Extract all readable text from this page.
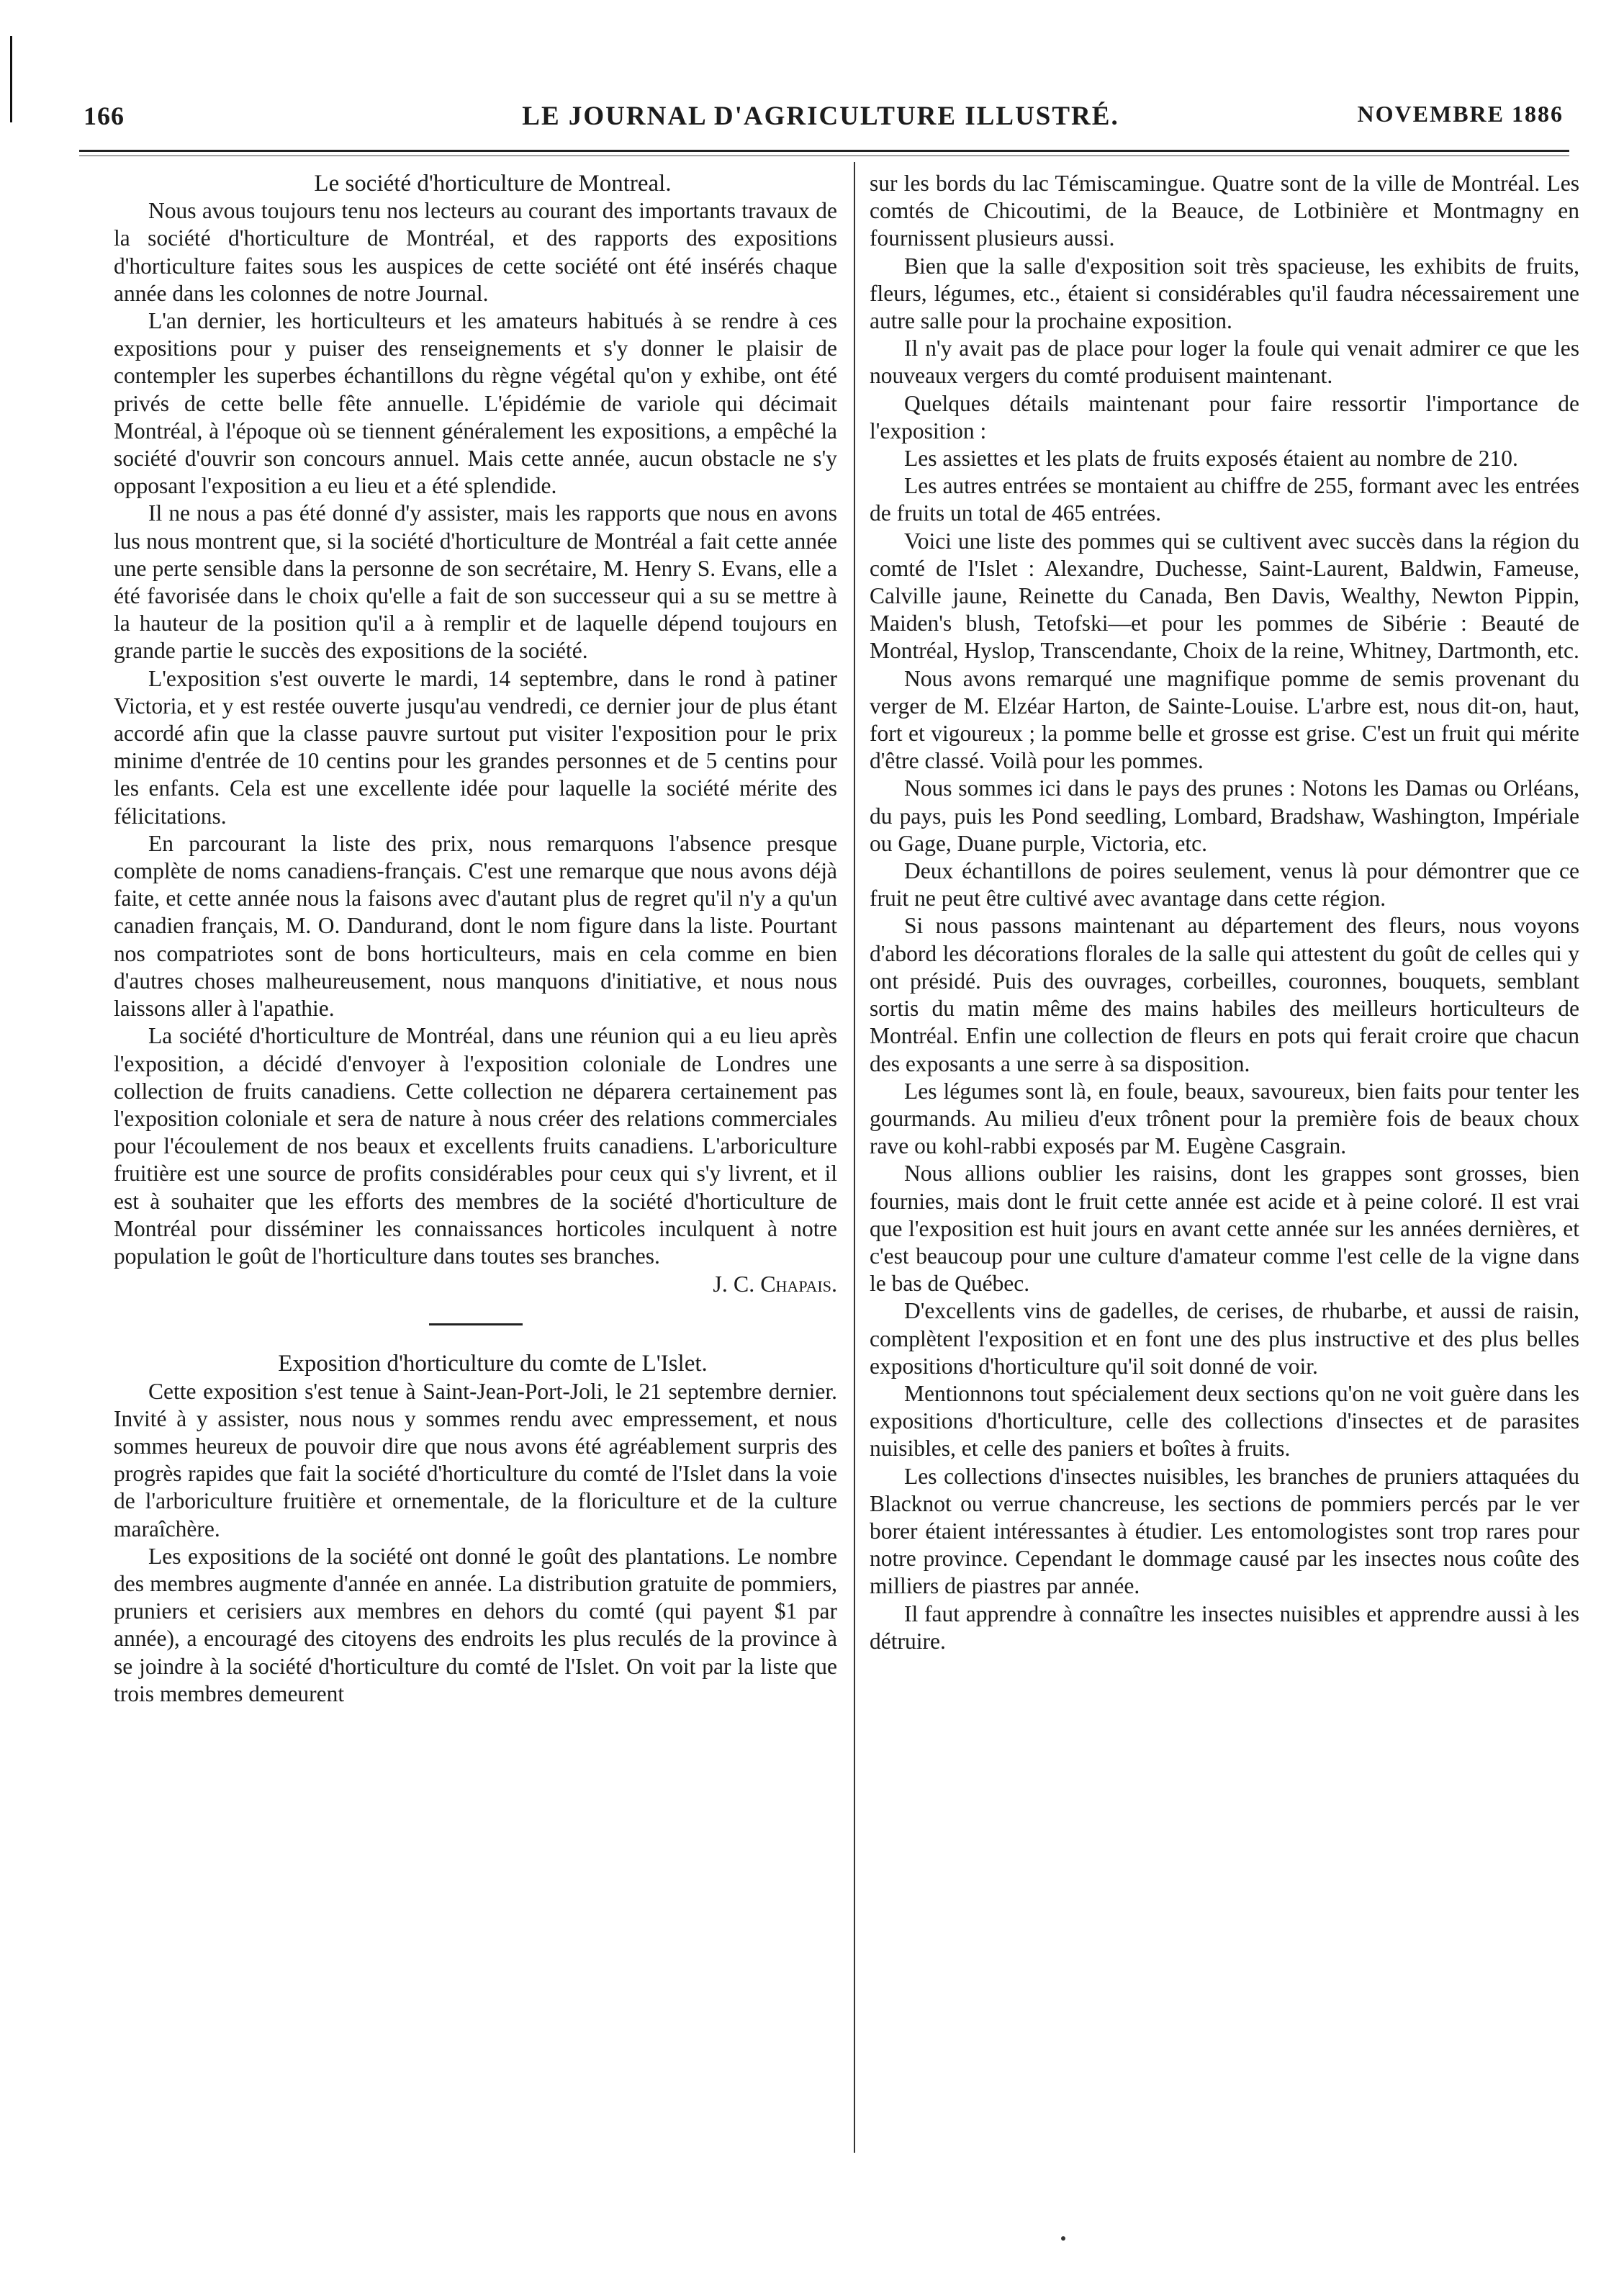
166	LE JOURNAL D'AGRICULTURE ILLUSTRÉ.	NOVEMBRE 1886

Le société d'horticulture de Montreal.

Nous avous toujours tenu nos lecteurs au courant des importants travaux de la société d'horticulture de Montréal, et des rapports des expositions d'horticulture faites sous les auspices de cette société ont été insérés chaque année dans les colonnes de notre Journal.

L'an dernier, les horticulteurs et les amateurs habitués à se rendre à ces expositions pour y puiser des renseignements et s'y donner le plaisir de contempler les superbes échantillons du règne végétal qu'on y exhibe, ont été privés de cette belle fête annuelle. L'épidémie de variole qui décimait Montréal, à l'époque où se tiennent généralement les expositions, a empêché la société d'ouvrir son concours annuel. Mais cette année, aucun obstacle ne s'y opposant l'exposition a eu lieu et a été splendide.

Il ne nous a pas été donné d'y assister, mais les rapports que nous en avons lus nous montrent que, si la société d'horticulture de Montréal a fait cette année une perte sensible dans la personne de son secrétaire, M. Henry S. Evans, elle a été favorisée dans le choix qu'elle a fait de son successeur qui a su se mettre à la hauteur de la position qu'il a à remplir et de laquelle dépend toujours en grande partie le succès des expositions de la société.

L'exposition s'est ouverte le mardi, 14 septembre, dans le rond à patiner Victoria, et y est restée ouverte jusqu'au vendredi, ce dernier jour de plus étant accordé afin que la classe pauvre surtout put visiter l'exposition pour le prix minime d'entrée de 10 centins pour les grandes personnes et de 5 centins pour les enfants. Cela est une excellente idée pour laquelle la société mérite des félicitations.

En parcourant la liste des prix, nous remarquons l'absence presque complète de noms canadiens-français. C'est une remarque que nous avons déjà faite, et cette année nous la faisons avec d'autant plus de regret qu'il n'y a qu'un canadien français, M. O. Dandurand, dont le nom figure dans la liste. Pourtant nos compatriotes sont de bons horticulteurs, mais en cela comme en bien d'autres choses malheureusement, nous manquons d'initiative, et nous nous laissons aller à l'apathie.

La société d'horticulture de Montréal, dans une réunion qui a eu lieu après l'exposition, a décidé d'envoyer à l'exposition coloniale de Londres une collection de fruits canadiens. Cette collection ne déparera certainement pas l'exposition coloniale et sera de nature à nous créer des relations commerciales pour l'écoulement de nos beaux et excellents fruits canadiens. L'arboriculture fruitière est une source de profits considérables pour ceux qui s'y livrent, et il est à souhaiter que les efforts des membres de la société d'horticulture de Montréal pour disséminer les connaissances horticoles inculquent à notre population le goût de l'horticulture dans toutes ses branches.

J. C. Chapais.

Exposition d'horticulture du comte de L'Islet.

Cette exposition s'est tenue à Saint-Jean-Port-Joli, le 21 septembre dernier. Invité à y assister, nous nous y sommes rendu avec empressement, et nous sommes heureux de pouvoir dire que nous avons été agréablement surpris des progrès rapides que fait la société d'horticulture du comté de l'Islet dans la voie de l'arboriculture fruitière et ornementale, de la floriculture et de la culture maraîchère.

Les expositions de la société ont donné le goût des plantations. Le nombre des membres augmente d'année en année. La distribution gratuite de pommiers, pruniers et cerisiers aux membres en dehors du comté (qui payent $1 par année), a encouragé des citoyens des endroits les plus reculés de la province à se joindre à la société d'horticulture du comté de l'Islet. On voit par la liste que trois membres demeurent

sur les bords du lac Témiscamingue. Quatre sont de la ville de Montréal. Les comtés de Chicoutimi, de la Beauce, de Lotbinière et Montmagny en fournissent plusieurs aussi.

Bien que la salle d'exposition soit très spacieuse, les exhibits de fruits, fleurs, légumes, etc., étaient si considérables qu'il faudra nécessairement une autre salle pour la prochaine exposition.

Il n'y avait pas de place pour loger la foule qui venait admirer ce que les nouveaux vergers du comté produisent maintenant.

Quelques détails maintenant pour faire ressortir l'importance de l'exposition :

Les assiettes et les plats de fruits exposés étaient au nombre de 210.

Les autres entrées se montaient au chiffre de 255, formant avec les entrées de fruits un total de 465 entrées.

Voici une liste des pommes qui se cultivent avec succès dans la région du comté de l'Islet : Alexandre, Duchesse, Saint-Laurent, Baldwin, Fameuse, Calville jaune, Reinette du Canada, Ben Davis, Wealthy, Newton Pippin, Maiden's blush, Tetofski—et pour les pommes de Sibérie : Beauté de Montréal, Hyslop, Transcendante, Choix de la reine, Whitney, Dartmonth, etc.

Nous avons remarqué une magnifique pomme de semis provenant du verger de M. Elzéar Harton, de Sainte-Louise. L'arbre est, nous dit-on, haut, fort et vigoureux ; la pomme belle et grosse est grise. C'est un fruit qui mérite d'être classé. Voilà pour les pommes.

Nous sommes ici dans le pays des prunes : Notons les Damas ou Orléans, du pays, puis les Pond seedling, Lombard, Bradshaw, Washington, Impériale ou Gage, Duane purple, Victoria, etc.

Deux échantillons de poires seulement, venus là pour démontrer que ce fruit ne peut être cultivé avec avantage dans cette région.

Si nous passons maintenant au département des fleurs, nous voyons d'abord les décorations florales de la salle qui attestent du goût de celles qui y ont présidé. Puis des ouvrages, corbeilles, couronnes, bouquets, semblant sortis du matin même des mains habiles des meilleurs horticulteurs de Montréal. Enfin une collection de fleurs en pots qui ferait croire que chacun des exposants a une serre à sa disposition.

Les légumes sont là, en foule, beaux, savoureux, bien faits pour tenter les gourmands. Au milieu d'eux trônent pour la première fois de beaux choux rave ou kohl-rabbi exposés par M. Eugène Casgrain.

Nous allions oublier les raisins, dont les grappes sont grosses, bien fournies, mais dont le fruit cette année est acide et à peine coloré. Il est vrai que l'exposition est huit jours en avant cette année sur les années dernières, et c'est beaucoup pour une culture d'amateur comme l'est celle de la vigne dans le bas de Québec.

D'excellents vins de gadelles, de cerises, de rhubarbe, et aussi de raisin, complètent l'exposition et en font une des plus instructive et des plus belles expositions d'horticulture qu'il soit donné de voir.

Mentionnons tout spécialement deux sections qu'on ne voit guère dans les expositions d'horticulture, celle des collections d'insectes et de parasites nuisibles, et celle des paniers et boîtes à fruits.

Les collections d'insectes nuisibles, les branches de pruniers attaquées du Blacknot ou verrue chancreuse, les sections de pommiers percés par le ver borer étaient intéressantes à étudier. Les entomologistes sont trop rares pour notre province. Cependant le dommage causé par les insectes nous coûte des milliers de piastres par année.

Il faut apprendre à connaître les insectes nuisibles et apprendre aussi à les détruire.
